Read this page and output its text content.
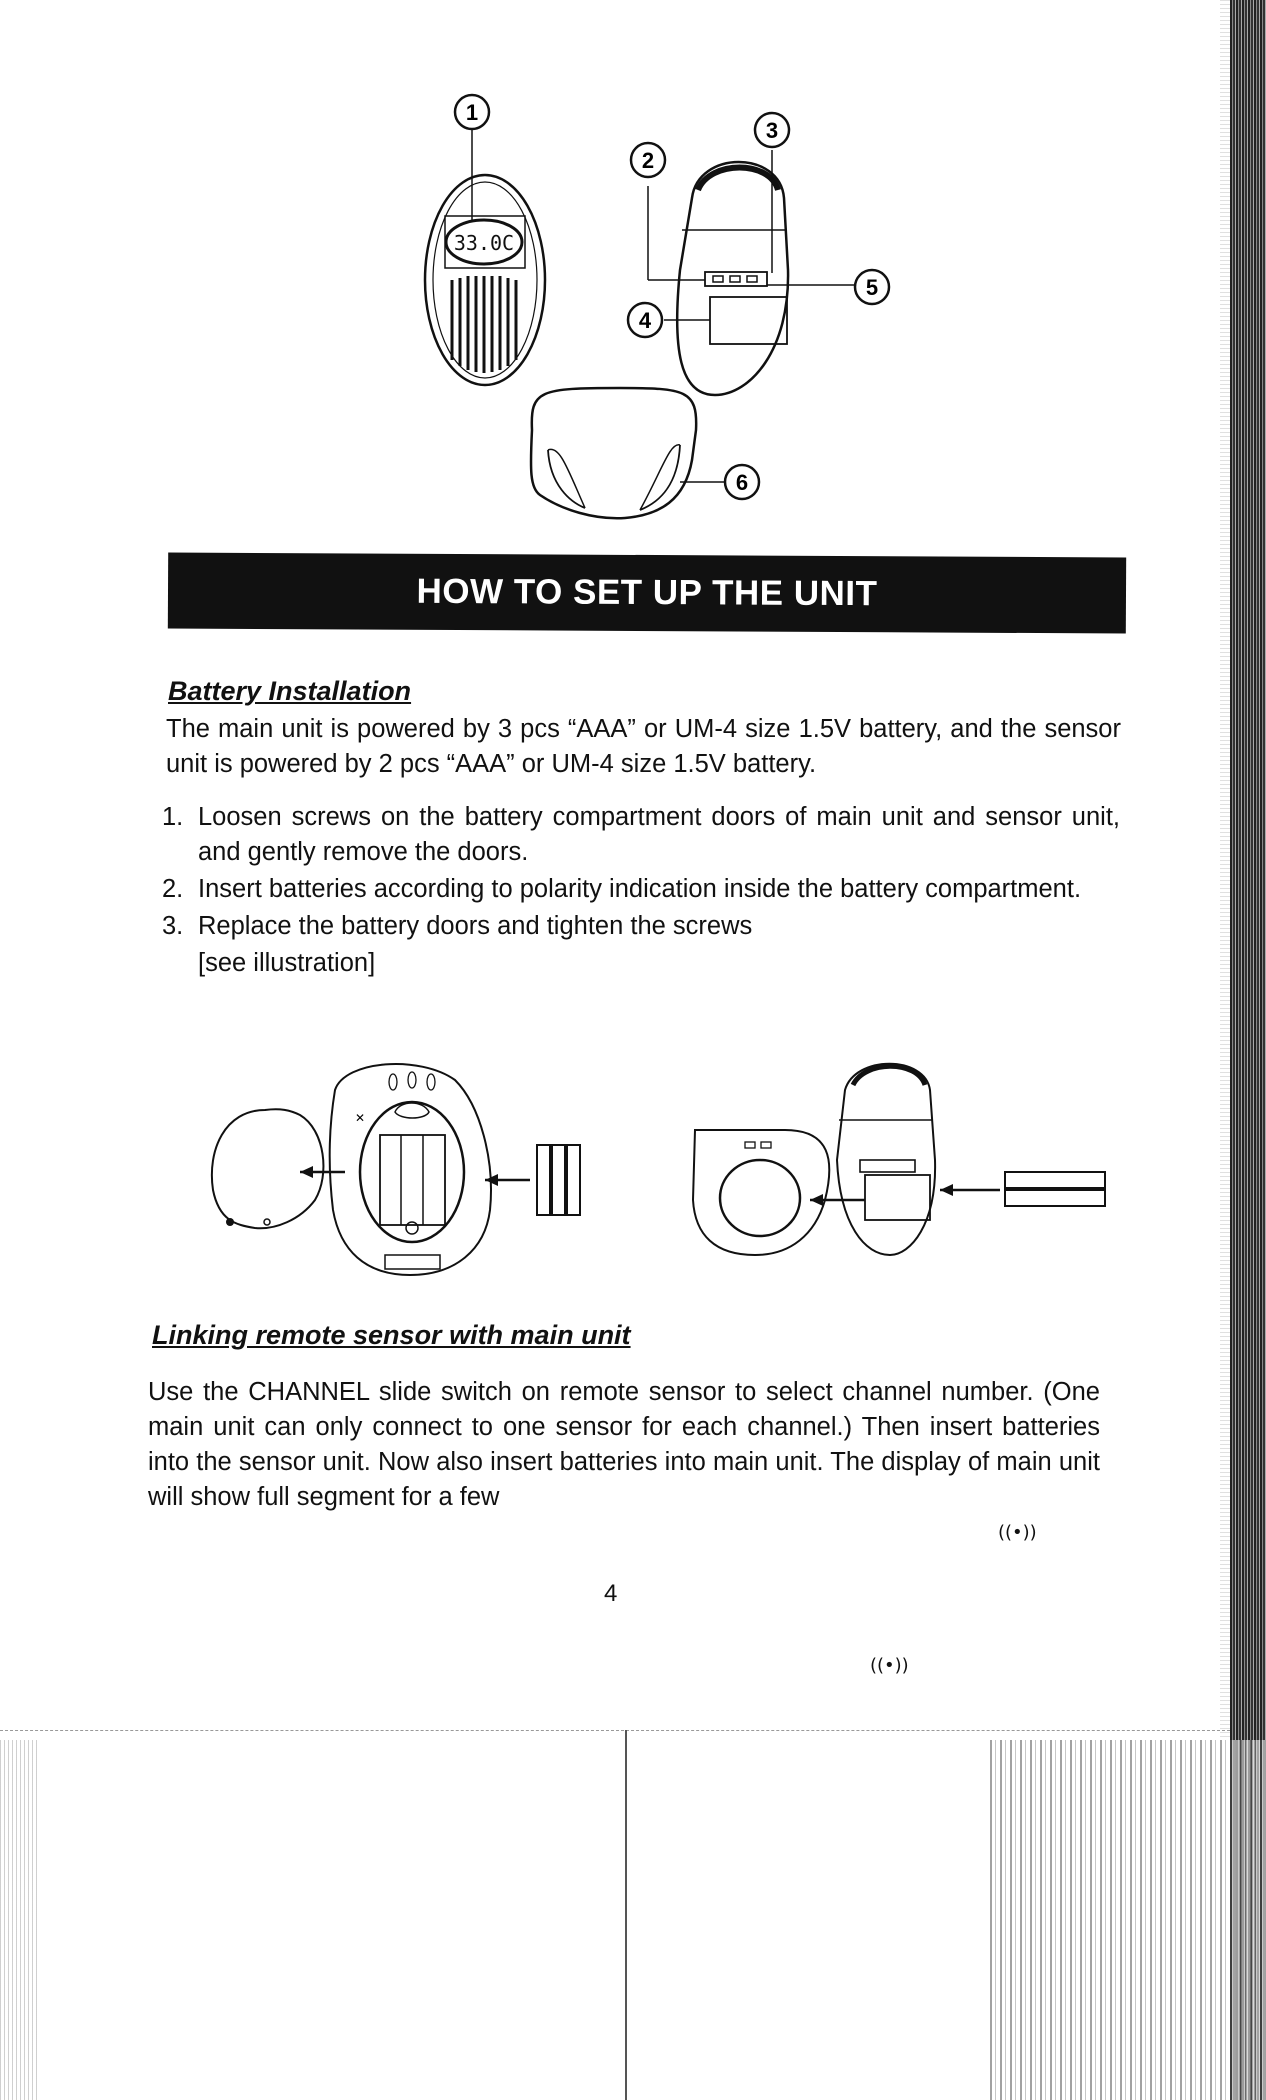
33.0C
1
2
3
4
5
6
HOW TO SET UP THE UNIT
Battery Installation
The main unit is powered by 3 pcs “AAA” or UM-4 size 1.5V battery, and the sensor unit is powered by 2 pcs “AAA” or UM-4 size 1.5V battery.
1. Loosen screws on the battery compartment doors of main unit and sensor unit, and gently remove the doors.
2. Insert batteries according to polarity indication inside the battery compartment.
3. Replace the battery doors and tighten the screws
[see illustration]
✕
Linking remote sensor with main unit
Use the CHANNEL slide switch on remote sensor to select channel number. (One main unit can only connect to one sensor for each channel.) Then insert batteries into the sensor unit. Now also insert batteries into main unit. The display of main unit will show full segment for a few
((•))
4
((•))
